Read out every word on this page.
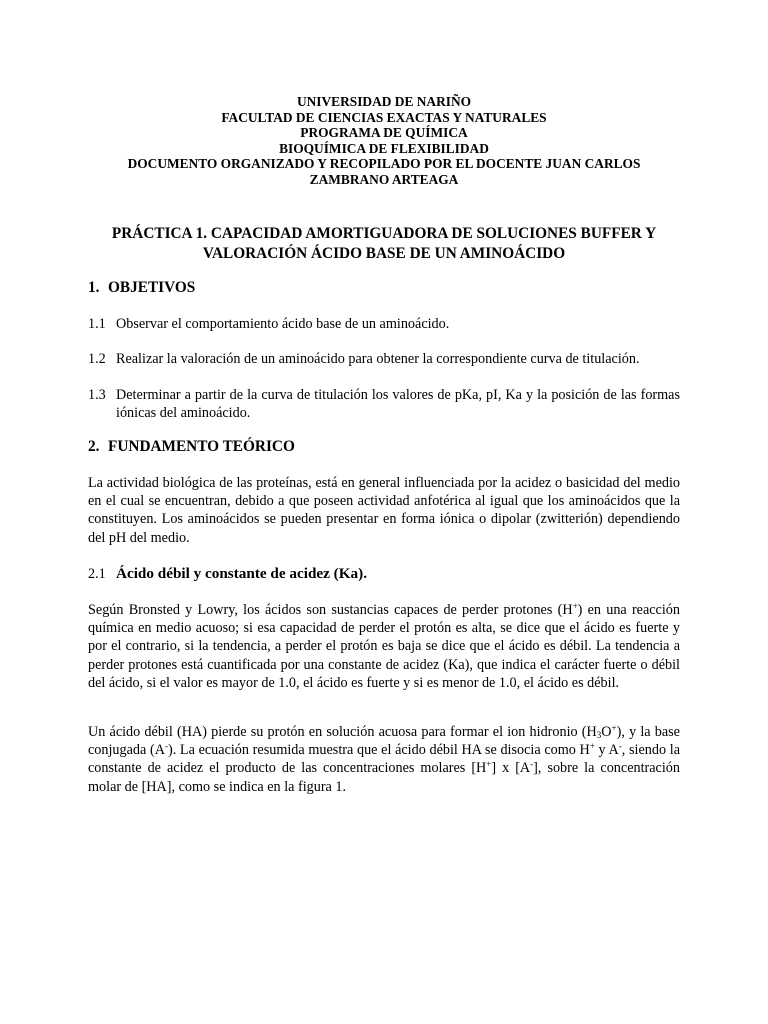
UNIVERSIDAD DE NARIÑO
FACULTAD DE CIENCIAS EXACTAS Y NATURALES
PROGRAMA DE QUÍMICA
BIOQUÍMICA DE FLEXIBILIDAD
DOCUMENTO ORGANIZADO Y RECOPILADO POR EL DOCENTE JUAN CARLOS
ZAMBRANO ARTEAGA
PRÁCTICA 1. CAPACIDAD AMORTIGUADORA DE SOLUCIONES BUFFER Y
VALORACIÓN ÁCIDO BASE DE UN AMINOÁCIDO
1. OBJETIVOS
1.1 Observar el comportamiento ácido base de un aminoácido.
1.2 Realizar la valoración de un aminoácido para obtener la correspondiente curva de titulación.
1.3 Determinar a partir de la curva de titulación los valores de pKa, pI, Ka y la posición de las formas iónicas del aminoácido.
2. FUNDAMENTO TEÓRICO
La actividad biológica de las proteínas, está en general influenciada por la acidez o basicidad del medio en el cual se encuentran, debido a que poseen actividad anfotérica al igual que los aminoácidos que la constituyen. Los aminoácidos se pueden presentar en forma iónica o dipolar (zwitterión) dependiendo del pH del medio.
2.1 Ácido débil y constante de acidez (Ka).
Según Bronsted y Lowry, los ácidos son sustancias capaces de perder protones (H+) en una reacción química en medio acuoso; si esa capacidad de perder el protón es alta, se dice que el ácido es fuerte y por el contrario, si la tendencia, a perder el protón es baja se dice que el ácido es débil. La tendencia a perder protones está cuantificada por una constante de acidez (Ka), que indica el carácter fuerte o débil del ácido, si el valor es mayor de 1.0, el ácido es fuerte y si es menor de 1.0, el ácido es débil.
Un ácido débil (HA) pierde su protón en solución acuosa para formar el ion hidronio $(H_3O^+)$, y la base conjugada (A-). La ecuación resumida muestra que el ácido débil HA se disocia como H+ y A-, siendo la constante de acidez el producto de las concentraciones molares [H+] x [A-], sobre la concentración molar de [HA], como se indica en la figura 1.
